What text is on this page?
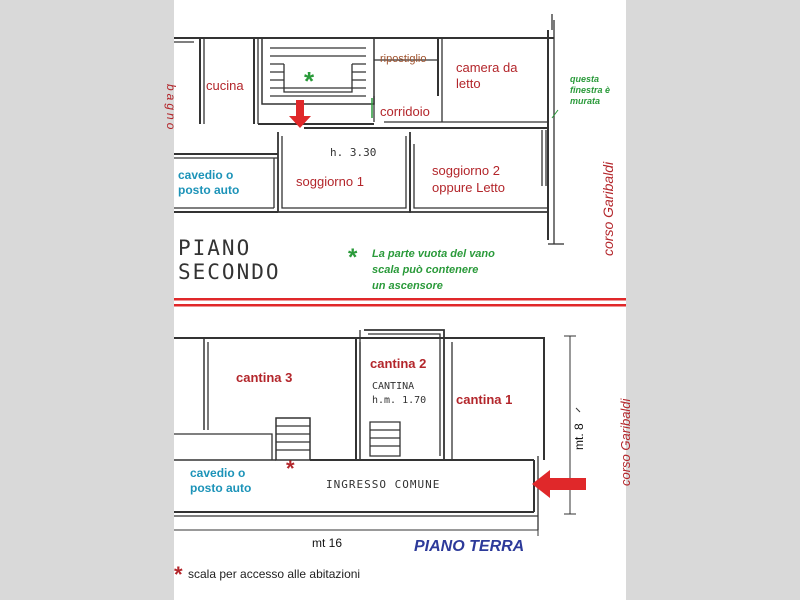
bagno cucina *
ripostiglio
camera da
letto
corridoio
questa
finestra è
murata
h. 3.30
soggiorno 1
soggiorno 2
oppure Letto
cavedio o
posto auto	corso Garibaldi
PIANO
SECONDO
* La parte vuota del vano
scala può contenere
un ascensore
cantina 3
cantina 2
CANTINA
h.m. 1.70 cantina 1
*
cavedio o
posto auto	INGRESSO COMUNE
mt. 8 corso Garibaldi
mt 16	PIANO TERRA
* scala per accesso alle abitazioni
